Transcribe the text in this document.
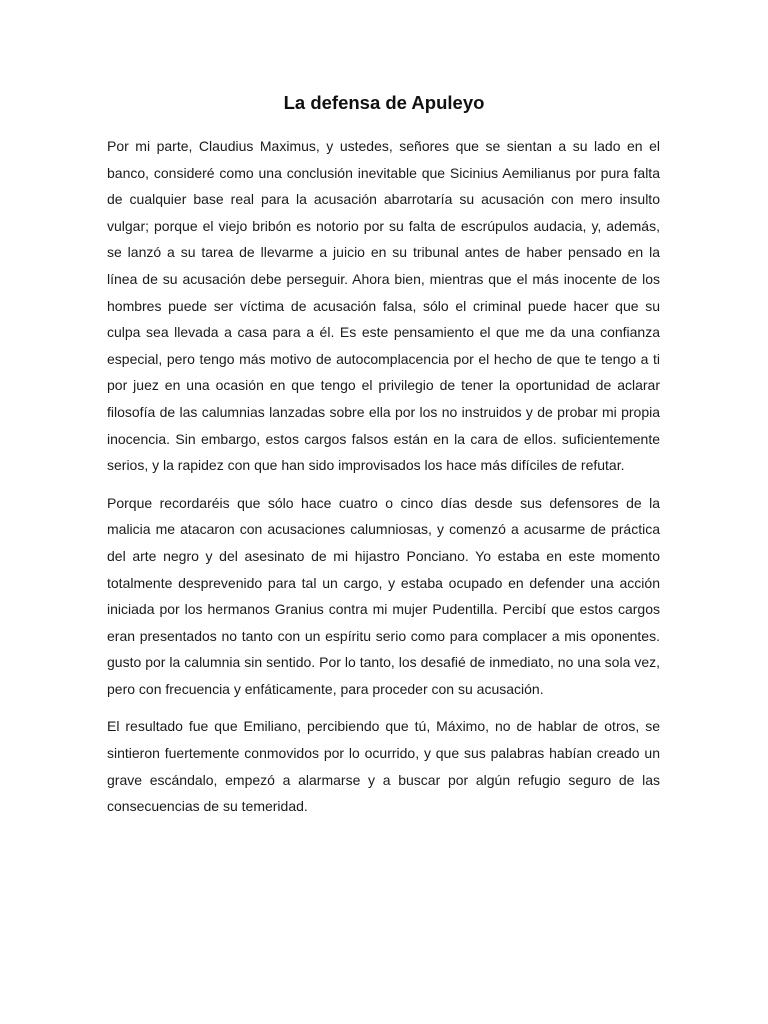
La defensa de Apuleyo

Por mi parte, Claudius Maximus, y ustedes, señores que se sientan a su lado en el banco, consideré como una conclusión inevitable que Sicinius Aemilianus por pura falta de cualquier base real para la acusación abarrotaría su acusación con mero insulto vulgar; porque el viejo bribón es notorio por su falta de escrúpulos audacia, y, además, se lanzó a su tarea de llevarme a juicio en su tribunal antes de haber pensado en la línea de su acusación debe perseguir. Ahora bien, mientras que el más inocente de los hombres puede ser víctima de acusación falsa, sólo el criminal puede hacer que su culpa sea llevada a casa para a él. Es este pensamiento el que me da una confianza especial, pero tengo más motivo de autocomplacencia por el hecho de que te tengo a ti por juez en una ocasión en que tengo el privilegio de tener la oportunidad de aclarar filosofía de las calumnias lanzadas sobre ella por los no instruidos y de probar mi propia inocencia. Sin embargo, estos cargos falsos están en la cara de ellos. suficientemente serios, y la rapidez con que han sido improvisados los hace más difíciles de refutar.

Porque recordaréis que sólo hace cuatro o cinco días desde sus defensores de la malicia me atacaron con acusaciones calumniosas, y comenzó a acusarme de práctica del arte negro y del asesinato de mi hijastro Ponciano. Yo estaba en este momento totalmente desprevenido para tal un cargo, y estaba ocupado en defender una acción iniciada por los hermanos Granius contra mi mujer Pudentilla. Percibí que estos cargos eran presentados no tanto con un espíritu serio como para complacer a mis oponentes. gusto por la calumnia sin sentido. Por lo tanto, los desafié de inmediato, no una sola vez, pero con frecuencia y enfáticamente, para proceder con su acusación.

El resultado fue que Emiliano, percibiendo que tú, Máximo, no de hablar de otros, se sintieron fuertemente conmovidos por lo ocurrido, y que sus palabras habían creado un grave escándalo, empezó a alarmarse y a buscar por algún refugio seguro de las consecuencias de su temeridad.
